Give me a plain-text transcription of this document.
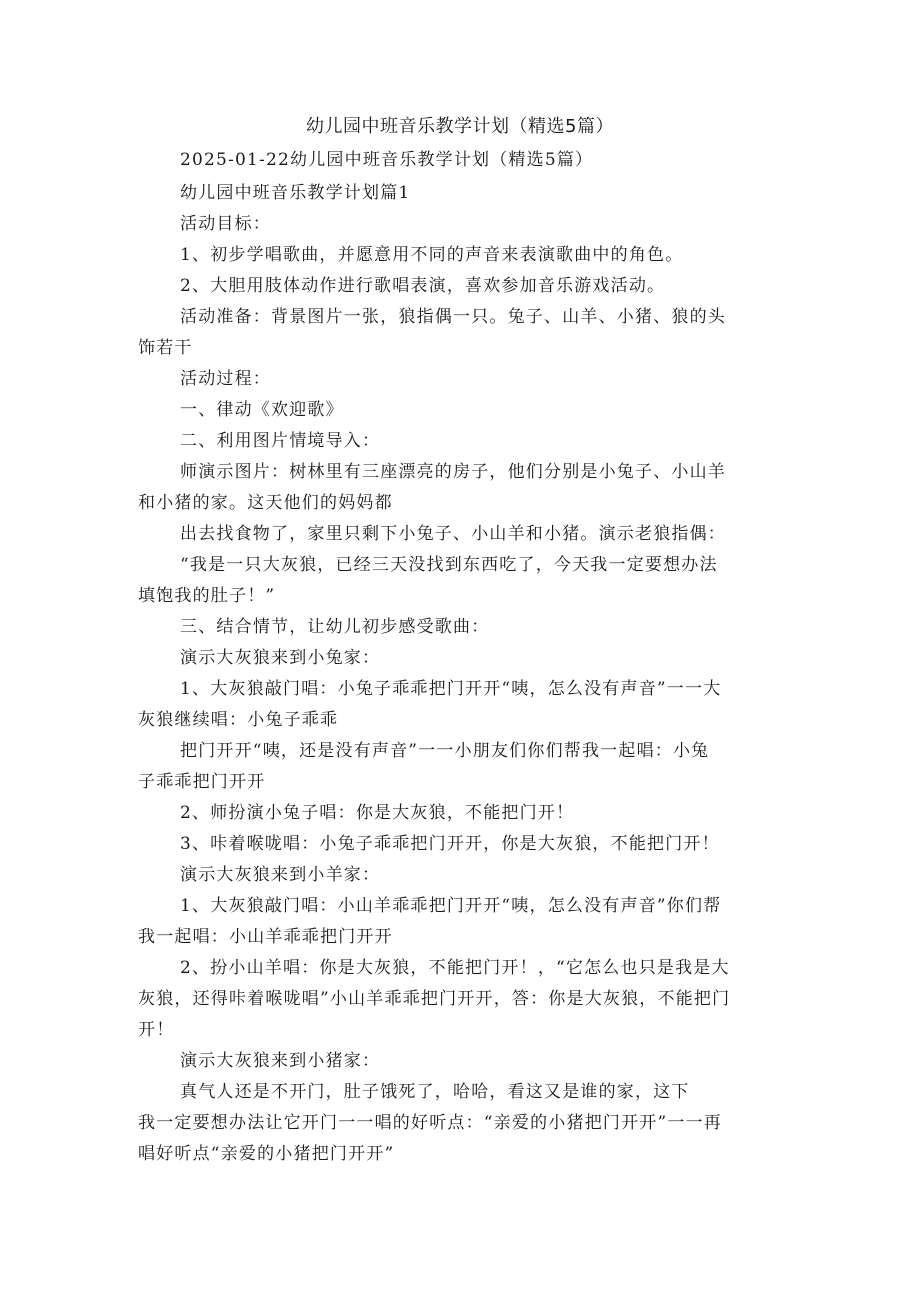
幼儿园中班音乐教学计划（精选5篇）
2025-01-22幼儿园中班音乐教学计划（精选5篇）
幼儿园中班音乐教学计划篇1
活动目标：
1、初步学唱歌曲，并愿意用不同的声音来表演歌曲中的角色。
2、大胆用肢体动作进行歌唱表演，喜欢参加音乐游戏活动。
活动准备：背景图片一张，狼指偶一只。兔子、山羊、小猪、狼的头
饰若干
活动过程：
一、律动《欢迎歌》
二、利用图片情境导入：
师演示图片：树林里有三座漂亮的房子，他们分别是小兔子、小山羊
和小猪的家。这天他们的妈妈都
出去找食物了，家里只剩下小兔子、小山羊和小猪。演示老狼指偶：
“我是一只大灰狼，已经三天没找到东西吃了，今天我一定要想办法
填饱我的肚子！”
三、结合情节，让幼儿初步感受歌曲：
演示大灰狼来到小兔家：
1、大灰狼敲门唱：小兔子乖乖把门开开“咦，怎么没有声音”一一大
灰狼继续唱：小兔子乖乖
把门开开“咦，还是没有声音”一一小朋友们你们帮我一起唱：小兔
子乖乖把门开开
2、师扮演小兔子唱：你是大灰狼，不能把门开！
3、咔着喉咙唱：小兔子乖乖把门开开，你是大灰狼，不能把门开！
演示大灰狼来到小羊家：
1、大灰狼敲门唱：小山羊乖乖把门开开“咦，怎么没有声音”你们帮
我一起唱：小山羊乖乖把门开开
2、扮小山羊唱：你是大灰狼，不能把门开！，“它怎么也只是我是大
灰狼，还得咔着喉咙唱”小山羊乖乖把门开开，答：你是大灰狼，不能把门
开！
演示大灰狼来到小猪家：
真气人还是不开门，肚子饿死了，哈哈，看这又是谁的家，这下
我一定要想办法让它开门一一唱的好听点：“亲爱的小猪把门开开”一一再
唱好听点“亲爱的小猪把门开开”
